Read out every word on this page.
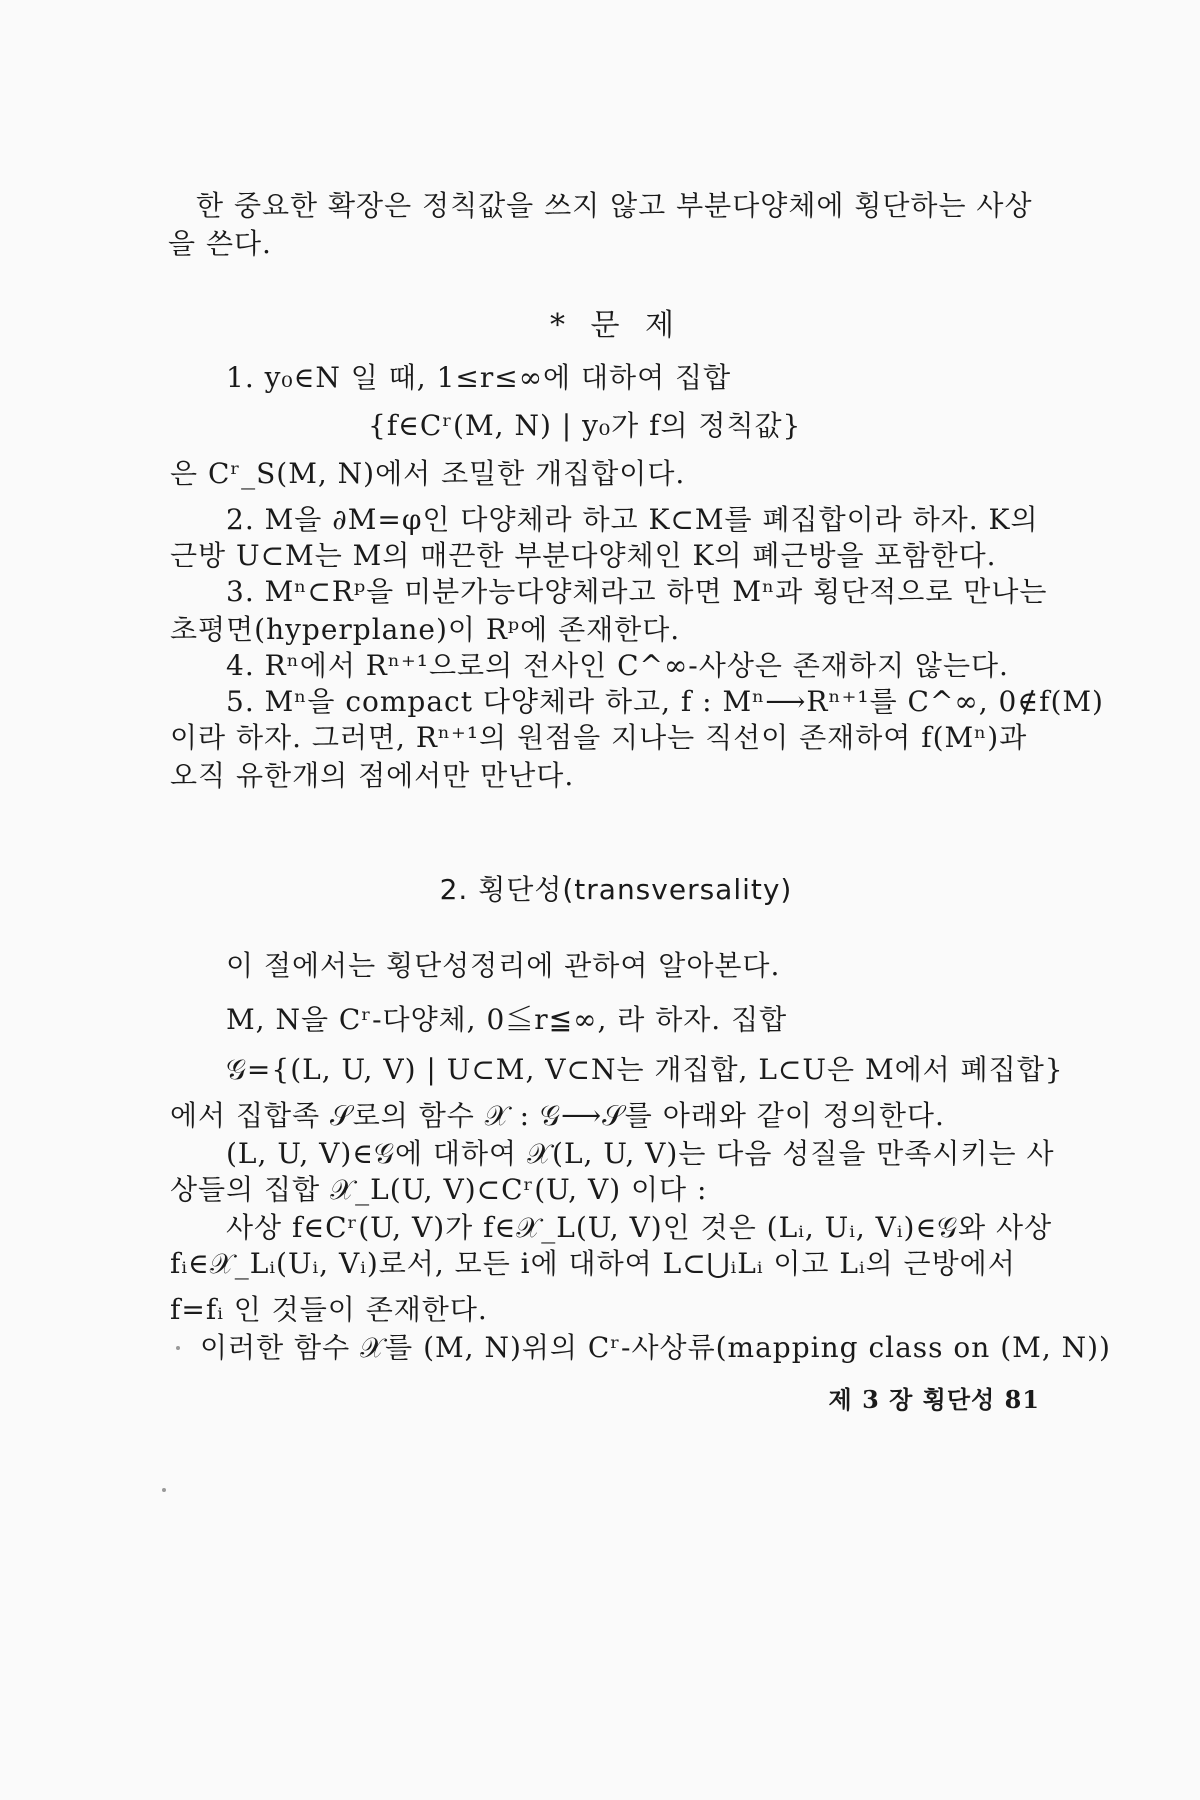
한 중요한 확장은 정칙값을 쓰지 않고 부분다양체에 횡단하는 사상
을 쓴다.
* 문 제
1. y₀∈N 일 때, 1≤r≤∞에 대하여 집합
{f∈Cʳ(M, N) | y₀가 f의 정칙값}
은 Cʳ_S(M, N)에서 조밀한 개집합이다.
2. M을 ∂M=φ인 다양체라 하고 K⊂M를 폐집합이라 하자. K의
근방 U⊂M는 M의 매끈한 부분다양체인 K의 폐근방을 포함한다.
3. Mⁿ⊂Rᵖ을 미분가능다양체라고 하면 Mⁿ과 횡단적으로 만나는
초평면(hyperplane)이 Rᵖ에 존재한다.
4. Rⁿ에서 Rⁿ⁺¹으로의 전사인 C^∞-사상은 존재하지 않는다.
5. Mⁿ을 compact 다양체라 하고, f : Mⁿ⟶Rⁿ⁺¹를 C^∞, 0∉f(M)
이라 하자. 그러면, Rⁿ⁺¹의 원점을 지나는 직선이 존재하여 f(Mⁿ)과
오직 유한개의 점에서만 만난다.
2. 횡단성(transversality)
이 절에서는 횡단성정리에 관하여 알아본다.
M, N을 Cʳ-다양체, 0≦r≦∞, 라 하자. 집합
𝒢={(L, U, V) | U⊂M, V⊂N는 개집합, L⊂U은 M에서 폐집합}
에서 집합족 𝒮로의 함수 𝒳 : 𝒢⟶𝒮를 아래와 같이 정의한다.
(L, U, V)∈𝒢에 대하여 𝒳(L, U, V)는 다음 성질을 만족시키는 사
상들의 집합 𝒳_L(U, V)⊂Cʳ(U, V) 이다 :
사상 f∈Cʳ(U, V)가 f∈𝒳_L(U, V)인 것은 (Lᵢ, Uᵢ, Vᵢ)∈𝒢와 사상
fᵢ∈𝒳_Lᵢ(Uᵢ, Vᵢ)로서, 모든 i에 대하여 L⊂⋃ᵢLᵢ 이고 Lᵢ의 근방에서
f=fᵢ 인 것들이 존재한다.
이러한 함수 𝒳를 (M, N)위의 Cʳ-사상류(mapping class on (M, N))
제 3 장 횡단성 81
